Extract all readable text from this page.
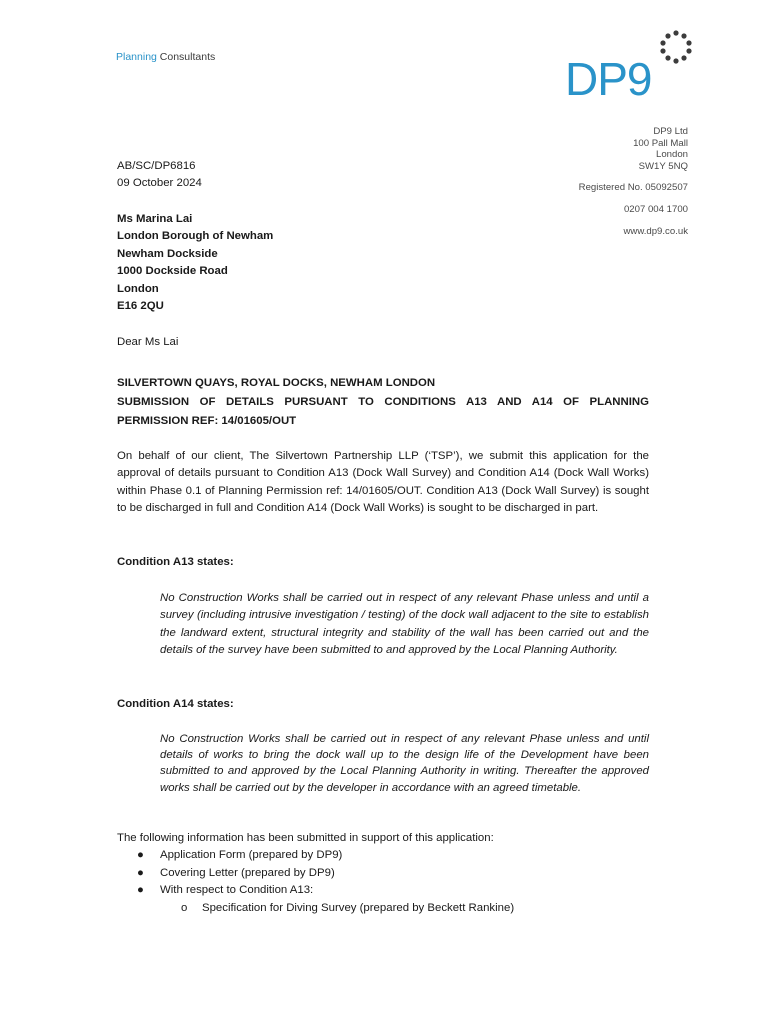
Planning Consultants	DP9
DP9 Ltd
100 Pall Mall
London
SW1Y 5NQ
Registered No. 05092507
0207 004 1700
www.dp9.co.uk
AB/SC/DP6816
09 October 2024
Ms Marina Lai
London Borough of Newham
Newham Dockside
1000 Dockside Road
London
E16 2QU
Dear Ms Lai
SILVERTOWN QUAYS, ROYAL DOCKS, NEWHAM LONDON
SUBMISSION OF DETAILS PURSUANT TO CONDITIONS A13 AND A14 OF PLANNING PERMISSION REF: 14/01605/OUT
On behalf of our client, The Silvertown Partnership LLP (‘TSP’), we submit this application for the approval of details pursuant to Condition A13 (Dock Wall Survey) and Condition A14 (Dock Wall Works) within Phase 0.1 of Planning Permission ref: 14/01605/OUT. Condition A13 (Dock Wall Survey) is sought to be discharged in full and Condition A14 (Dock Wall Works) is sought to be discharged in part.
Condition A13 states:
No Construction Works shall be carried out in respect of any relevant Phase unless and until a survey (including intrusive investigation / testing) of the dock wall adjacent to the site to establish the landward extent, structural integrity and stability of the wall has been carried out and the details of the survey have been submitted to and approved by the Local Planning Authority.
Condition A14 states:
No Construction Works shall be carried out in respect of any relevant Phase unless and until details of works to bring the dock wall up to the design life of the Development have been submitted to and approved by the Local Planning Authority in writing. Thereafter the approved works shall be carried out by the developer in accordance with an agreed timetable.
The following information has been submitted in support of this application:
● Application Form (prepared by DP9)
● Covering Letter (prepared by DP9)
● With respect to Condition A13:
o Specification for Diving Survey (prepared by Beckett Rankine)
